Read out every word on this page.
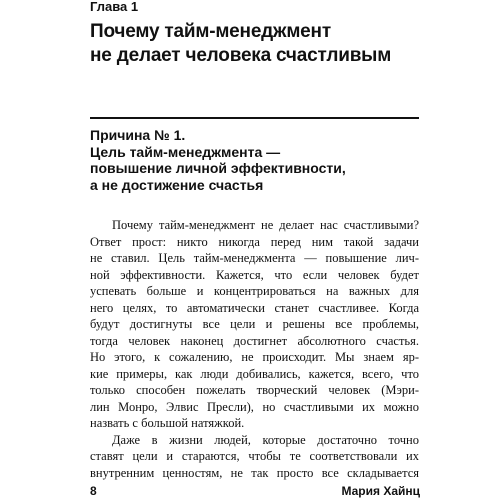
Глава 1
Почему тайм-менеджмент
не делает человека счастливым
Причина № 1.
Цель тайм-менеджмента —
повышение личной эффективности,
а не достижение счастья
Почему тайм-менеджмент не делает нас счастливыми?
Ответ прост: никто никогда перед ним такой задачи
не ставил. Цель тайм-менеджмента — повышение лич-
ной эффективности. Кажется, что если человек будет
успевать больше и концентрироваться на важных для
него целях, то автоматически станет счастливее. Когда
будут достигнуты все цели и решены все проблемы,
тогда человек наконец достигнет абсолютного счастья.
Но этого, к сожалению, не происходит. Мы знаем яр-
кие примеры, как люди добивались, кажется, всего, что
только способен пожелать творческий человек (Мэри-
лин Монро, Элвис Пресли), но счастливыми их можно
назвать с большой натяжкой.
Даже в жизни людей, которые достаточно точно
ставят цели и стараются, чтобы те соответствовали их
внутренним ценностям, не так просто все складывается
8	Мария Хайнц
